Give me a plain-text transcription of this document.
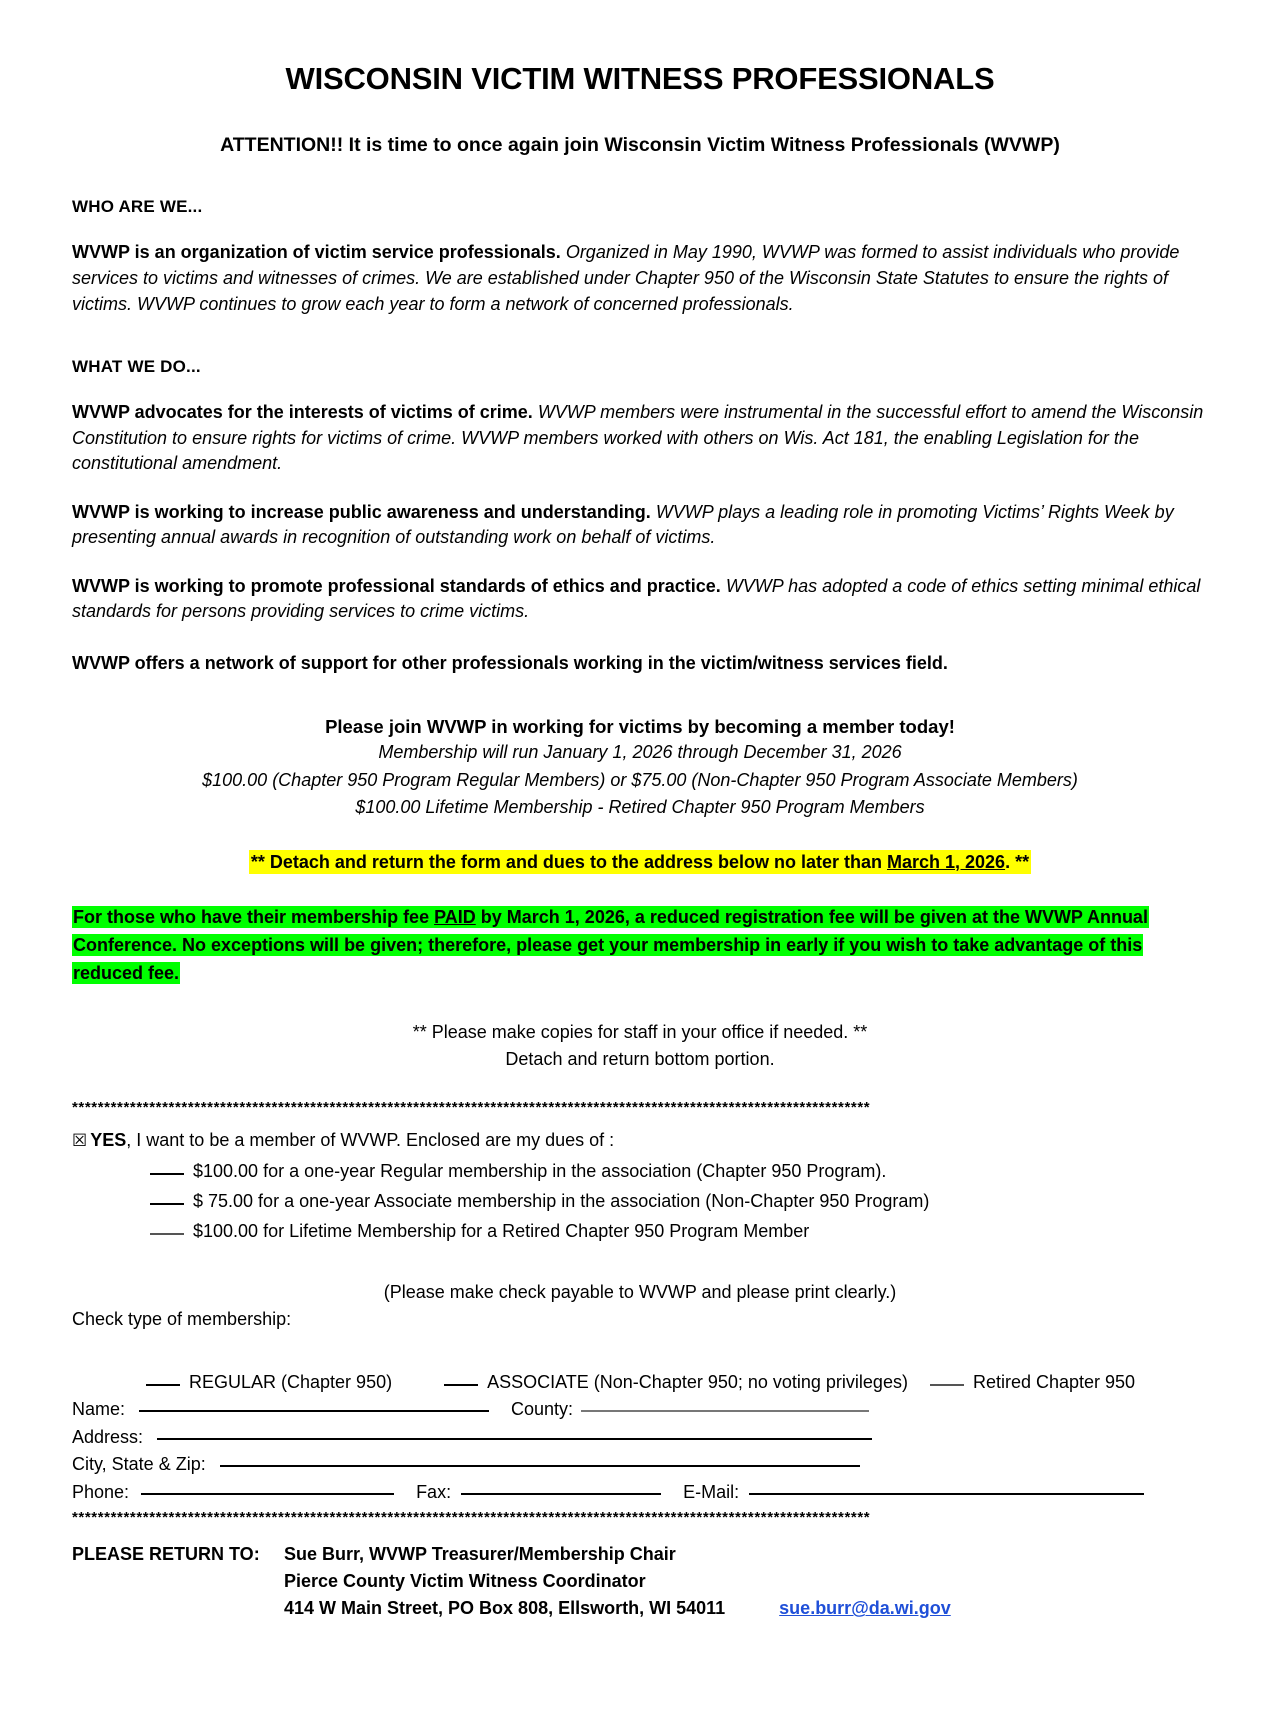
WISCONSIN VICTIM WITNESS PROFESSIONALS
ATTENTION!! It is time to once again join Wisconsin Victim Witness Professionals (WVWP)
WHO ARE WE...

WVWP is an organization of victim service professionals. Organized in May 1990, WVWP was formed to assist individuals who provide services to victims and witnesses of crimes. We are established under Chapter 950 of the Wisconsin State Statutes to ensure the rights of victims. WVWP continues to grow each year to form a network of concerned professionals.

WHAT WE DO...

WVWP advocates for the interests of victims of crime. WVWP members were instrumental in the successful effort to amend the Wisconsin Constitution to ensure rights for victims of crime. WVWP members worked with others on Wis. Act 181, the enabling Legislation for the constitutional amendment.

WVWP is working to increase public awareness and understanding. WVWP plays a leading role in promoting Victims’ Rights Week by presenting annual awards in recognition of outstanding work on behalf of victims.

WVWP is working to promote professional standards of ethics and practice. WVWP has adopted a code of ethics setting minimal ethical standards for persons providing services to crime victims.

WVWP offers a network of support for other professionals working in the victim/witness services field.
Please join WVWP in working for victims by becoming a member today!
Membership will run January 1, 2026 through December 31, 2026
$100.00 (Chapter 950 Program Regular Members) or $75.00 (Non-Chapter 950 Program Associate Members)
$100.00 Lifetime Membership - Retired Chapter 950 Program Members
** Detach and return the form and dues to the address below no later than March 1, 2026. **
For those who have their membership fee PAID by March 1, 2026, a reduced registration fee will be given at the WVWP Annual Conference. No exceptions will be given; therefore, please get your membership in early if you wish to take advantage of this reduced fee.
** Please make copies for staff in your office if needed. **
Detach and return bottom portion.
****************************************************************************************************************************
☒ YES, I want to be a member of WVWP. Enclosed are my dues of :
$100.00 for a one-year Regular membership in the association (Chapter 950 Program).
$ 75.00 for a one-year Associate membership in the association (Non-Chapter 950 Program)
$100.00 for Lifetime Membership for a Retired Chapter 950 Program Member
(Please make check payable to WVWP and please print clearly.)
Check type of membership:
REGULAR (Chapter 950)	ASSOCIATE (Non-Chapter 950; no voting privileges)	Retired Chapter 950
Name:	County:
Address:
City, State & Zip:
Phone:	Fax:	E-Mail:
****************************************************************************************************************************
PLEASE RETURN TO:	Sue Burr, WVWP Treasurer/Membership Chair
Pierce County Victim Witness Coordinator
414 W Main Street, PO Box 808, Ellsworth, WI 54011	sue.burr@da.wi.gov
